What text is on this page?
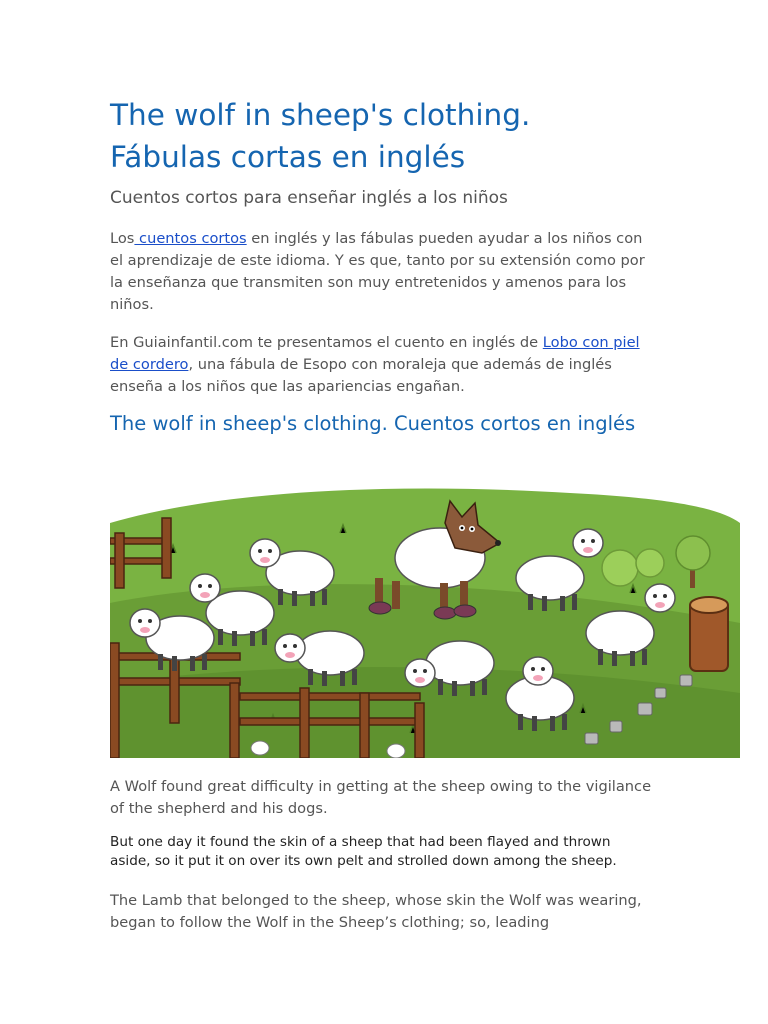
The wolf in sheep's clothing.
Fábulas cortas en inglés
Cuentos cortos para enseñar inglés a los niños

Los cuentos cortos en inglés y las fábulas pueden ayudar a los niños con el aprendizaje de este idioma. Y es que, tanto por su extensión como por la enseñanza que transmiten son muy entretenidos y amenos para los niños.

En Guiainfantil.com te presentamos el cuento en inglés de Lobo con piel de cordero, una fábula de Esopo con moraleja que además de inglés enseña a los niños que las apariencias engañan.

The wolf in sheep's clothing. Cuentos cortos en inglés

A Wolf found great difficulty in getting at the sheep owing to the vigilance of the shepherd and his dogs.

But one day it found the skin of a sheep that had been flayed and thrown aside, so it put it on over its own pelt and strolled down among the sheep.

The Lamb that belonged to the sheep, whose skin the Wolf was wearing, began to follow the Wolf in the Sheep’s clothing; so, leading
